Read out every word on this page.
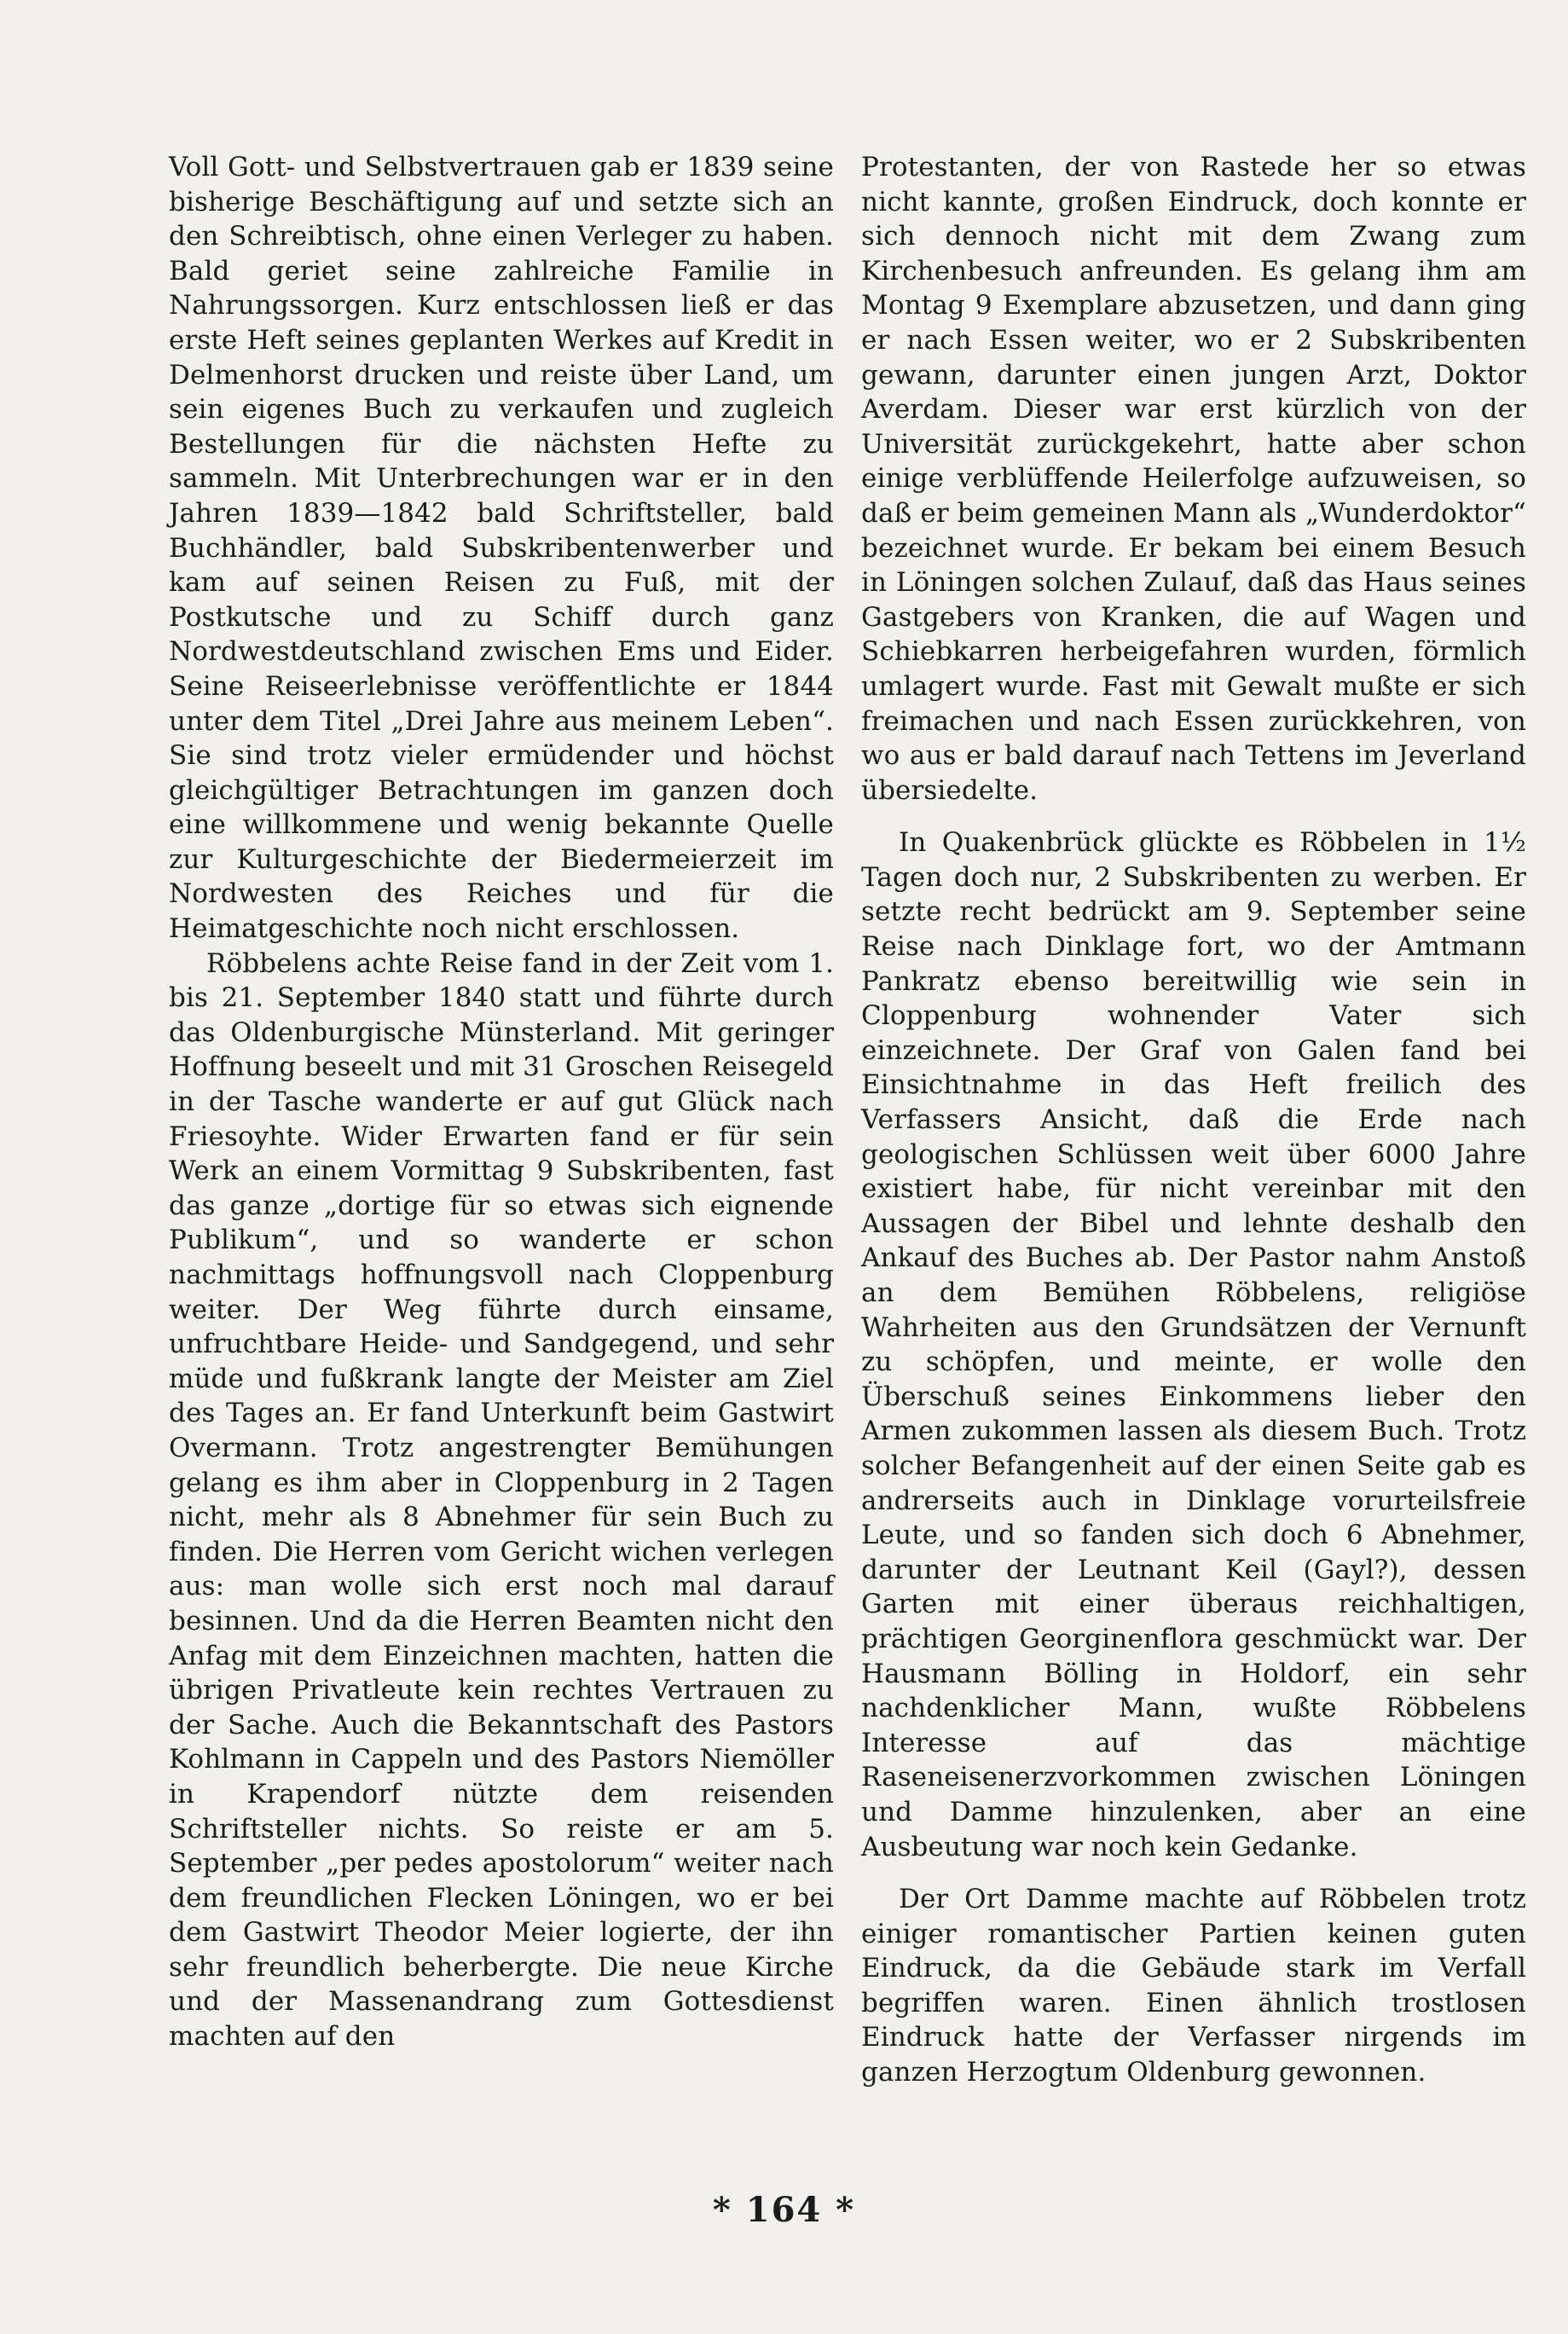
Voll Gott- und Selbstvertrauen gab er 1839 seine bisherige Beschäftigung auf und setzte sich an den Schreibtisch, ohne einen Verleger zu haben. Bald geriet seine zahlreiche Familie in Nahrungssorgen. Kurz entschlossen ließ er das erste Heft seines geplanten Werkes auf Kredit in Delmenhorst drucken und reiste über Land, um sein eigenes Buch zu verkaufen und zugleich Bestellungen für die nächsten Hefte zu sammeln. Mit Unterbrechungen war er in den Jahren 1839—1842 bald Schriftsteller, bald Buchhändler, bald Subskribentenwerber und kam auf seinen Reisen zu Fuß, mit der Postkutsche und zu Schiff durch ganz Nordwestdeutschland zwischen Ems und Eider. Seine Reiseerlebnisse veröffentlichte er 1844 unter dem Titel „Drei Jahre aus meinem Leben“. Sie sind trotz vieler ermüdender und höchst gleichgültiger Betrachtungen im ganzen doch eine willkommene und wenig bekannte Quelle zur Kulturgeschichte der Biedermeierzeit im Nordwesten des Reiches und für die Heimatgeschichte noch nicht erschlossen.

Röbbelens achte Reise fand in der Zeit vom 1. bis 21. September 1840 statt und führte durch das Oldenburgische Münsterland. Mit geringer Hoffnung beseelt und mit 31 Groschen Reisegeld in der Tasche wanderte er auf gut Glück nach Friesoyhte. Wider Erwarten fand er für sein Werk an einem Vormittag 9 Subskribenten, fast das ganze „dortige für so etwas sich eignende Publikum“, und so wanderte er schon nachmittags hoffnungsvoll nach Cloppenburg weiter. Der Weg führte durch einsame, unfruchtbare Heide- und Sandgegend, und sehr müde und fußkrank langte der Meister am Ziel des Tages an. Er fand Unterkunft beim Gastwirt Overmann. Trotz angestrengter Bemühungen gelang es ihm aber in Cloppenburg in 2 Tagen nicht, mehr als 8 Abnehmer für sein Buch zu finden. Die Herren vom Gericht wichen verlegen aus: man wolle sich erst noch mal darauf besinnen. Und da die Herren Beamten nicht den Anfag mit dem Einzeichnen machten, hatten die übrigen Privatleute kein rechtes Vertrauen zu der Sache. Auch die Bekanntschaft des Pastors Kohlmann in Cappeln und des Pastors Niemöller in Krapendorf nützte dem reisenden Schriftsteller nichts. So reiste er am 5. September „per pedes apostolorum“ weiter nach dem freundlichen Flecken Löningen, wo er bei dem Gastwirt Theodor Meier logierte, der ihn sehr freundlich beherbergte. Die neue Kirche und der Massenandrang zum Gottesdienst machten auf den

Protestanten, der von Rastede her so etwas nicht kannte, großen Eindruck, doch konnte er sich dennoch nicht mit dem Zwang zum Kirchenbesuch anfreunden. Es gelang ihm am Montag 9 Exemplare abzusetzen, und dann ging er nach Essen weiter, wo er 2 Subskribenten gewann, darunter einen jungen Arzt, Doktor Averdam. Dieser war erst kürzlich von der Universität zurückgekehrt, hatte aber schon einige verblüffende Heilerfolge aufzuweisen, so daß er beim gemeinen Mann als „Wunderdoktor“ bezeichnet wurde. Er bekam bei einem Besuch in Löningen solchen Zulauf, daß das Haus seines Gastgebers von Kranken, die auf Wagen und Schiebkarren herbeigefahren wurden, förmlich umlagert wurde. Fast mit Gewalt mußte er sich freimachen und nach Essen zurückkehren, von wo aus er bald darauf nach Tettens im Jeverland übersiedelte.

In Quakenbrück glückte es Röbbelen in 1½ Tagen doch nur, 2 Subskribenten zu werben. Er setzte recht bedrückt am 9. September seine Reise nach Dinklage fort, wo der Amtmann Pankratz ebenso bereitwillig wie sein in Cloppenburg wohnender Vater sich einzeichnete. Der Graf von Galen fand bei Einsichtnahme in das Heft freilich des Verfassers Ansicht, daß die Erde nach geologischen Schlüssen weit über 6000 Jahre existiert habe, für nicht vereinbar mit den Aussagen der Bibel und lehnte deshalb den Ankauf des Buches ab. Der Pastor nahm Anstoß an dem Bemühen Röbbelens, religiöse Wahrheiten aus den Grundsätzen der Vernunft zu schöpfen, und meinte, er wolle den Überschuß seines Einkommens lieber den Armen zukommen lassen als diesem Buch. Trotz solcher Befangenheit auf der einen Seite gab es andrerseits auch in Dinklage vorurteilsfreie Leute, und so fanden sich doch 6 Abnehmer, darunter der Leutnant Keil (Gayl?), dessen Garten mit einer überaus reichhaltigen, prächtigen Georginenflora geschmückt war. Der Hausmann Bölling in Holdorf, ein sehr nachdenklicher Mann, wußte Röbbelens Interesse auf das mächtige Raseneisenerzvorkommen zwischen Löningen und Damme hinzulenken, aber an eine Ausbeutung war noch kein Gedanke.

Der Ort Damme machte auf Röbbelen trotz einiger romantischer Partien keinen guten Eindruck, da die Gebäude stark im Verfall begriffen waren. Einen ähnlich trostlosen Eindruck hatte der Verfasser nirgends im ganzen Herzogtum Oldenburg gewonnen.

* 164 *
